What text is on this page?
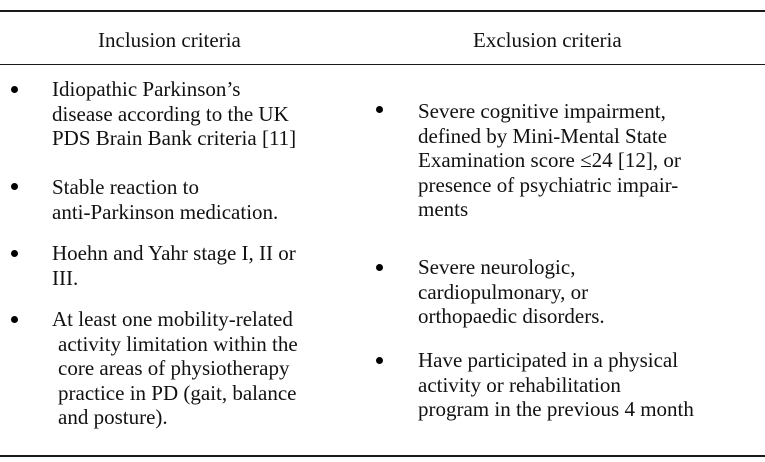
Inclusion criteria	Exclusion criteria
Idiopathic Parkinson’s
disease according to the UK
PDS Brain Bank criteria [11]
Stable reaction to
anti-Parkinson medication.
Hoehn and Yahr stage I, II or
III.
At least one mobility-related
activity limitation within the
core areas of physiotherapy
practice in PD (gait, balance
and posture).
Severe cognitive impairment,
defined by Mini-Mental State
Examination score ≤24 [12], or
presence of psychiatric impair-
ments
Severe neurologic,
cardiopulmonary, or
orthopaedic disorders.
Have participated in a physical
activity or rehabilitation
program in the previous 4 month
